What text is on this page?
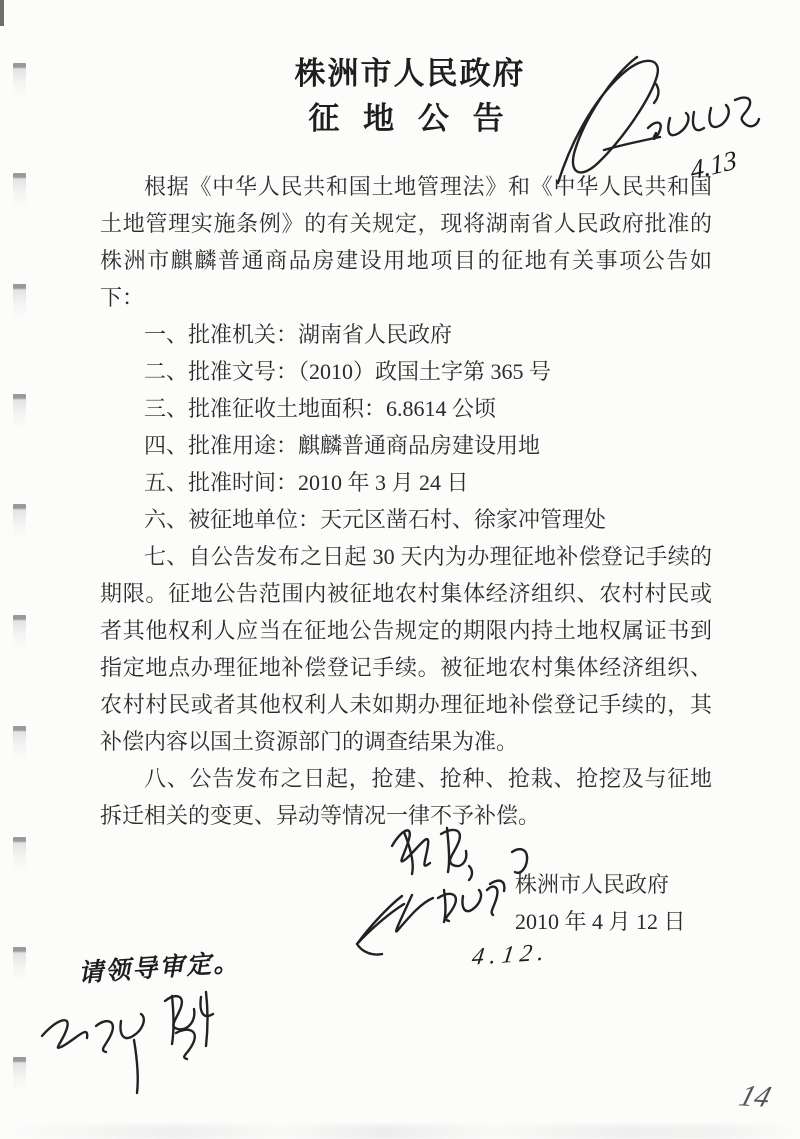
株洲市人民政府
征 地 公 告

根据《中华人民共和国土地管理法》和《中华人民共和国土地管理实施条例》的有关规定，现将湖南省人民政府批准的株洲市麒麟普通商品房建设用地项目的征地有关事项公告如下：

一、批准机关：湖南省人民政府

二、批准文号：（2010）政国土字第 365 号

三、批准征收土地面积：6.8614 公顷

四、批准用途：麒麟普通商品房建设用地

五、批准时间：2010 年 3 月 24 日

六、被征地单位：天元区凿石村、徐家冲管理处

七、自公告发布之日起 30 天内为办理征地补偿登记手续的期限。征地公告范围内被征地农村集体经济组织、农村村民或者其他权利人应当在征地公告规定的期限内持土地权属证书到指定地点办理征地补偿登记手续。被征地农村集体经济组织、农村村民或者其他权利人未如期办理征地补偿登记手续的，其补偿内容以国土资源部门的调查结果为准。

八、公告发布之日起，抢建、抢种、抢栽、抢挖及与征地拆迁相关的变更、异动等情况一律不予补偿。

株洲市人民政府
2010 年 4 月 12 日
4.13
4.12.
请领导审定。
14
